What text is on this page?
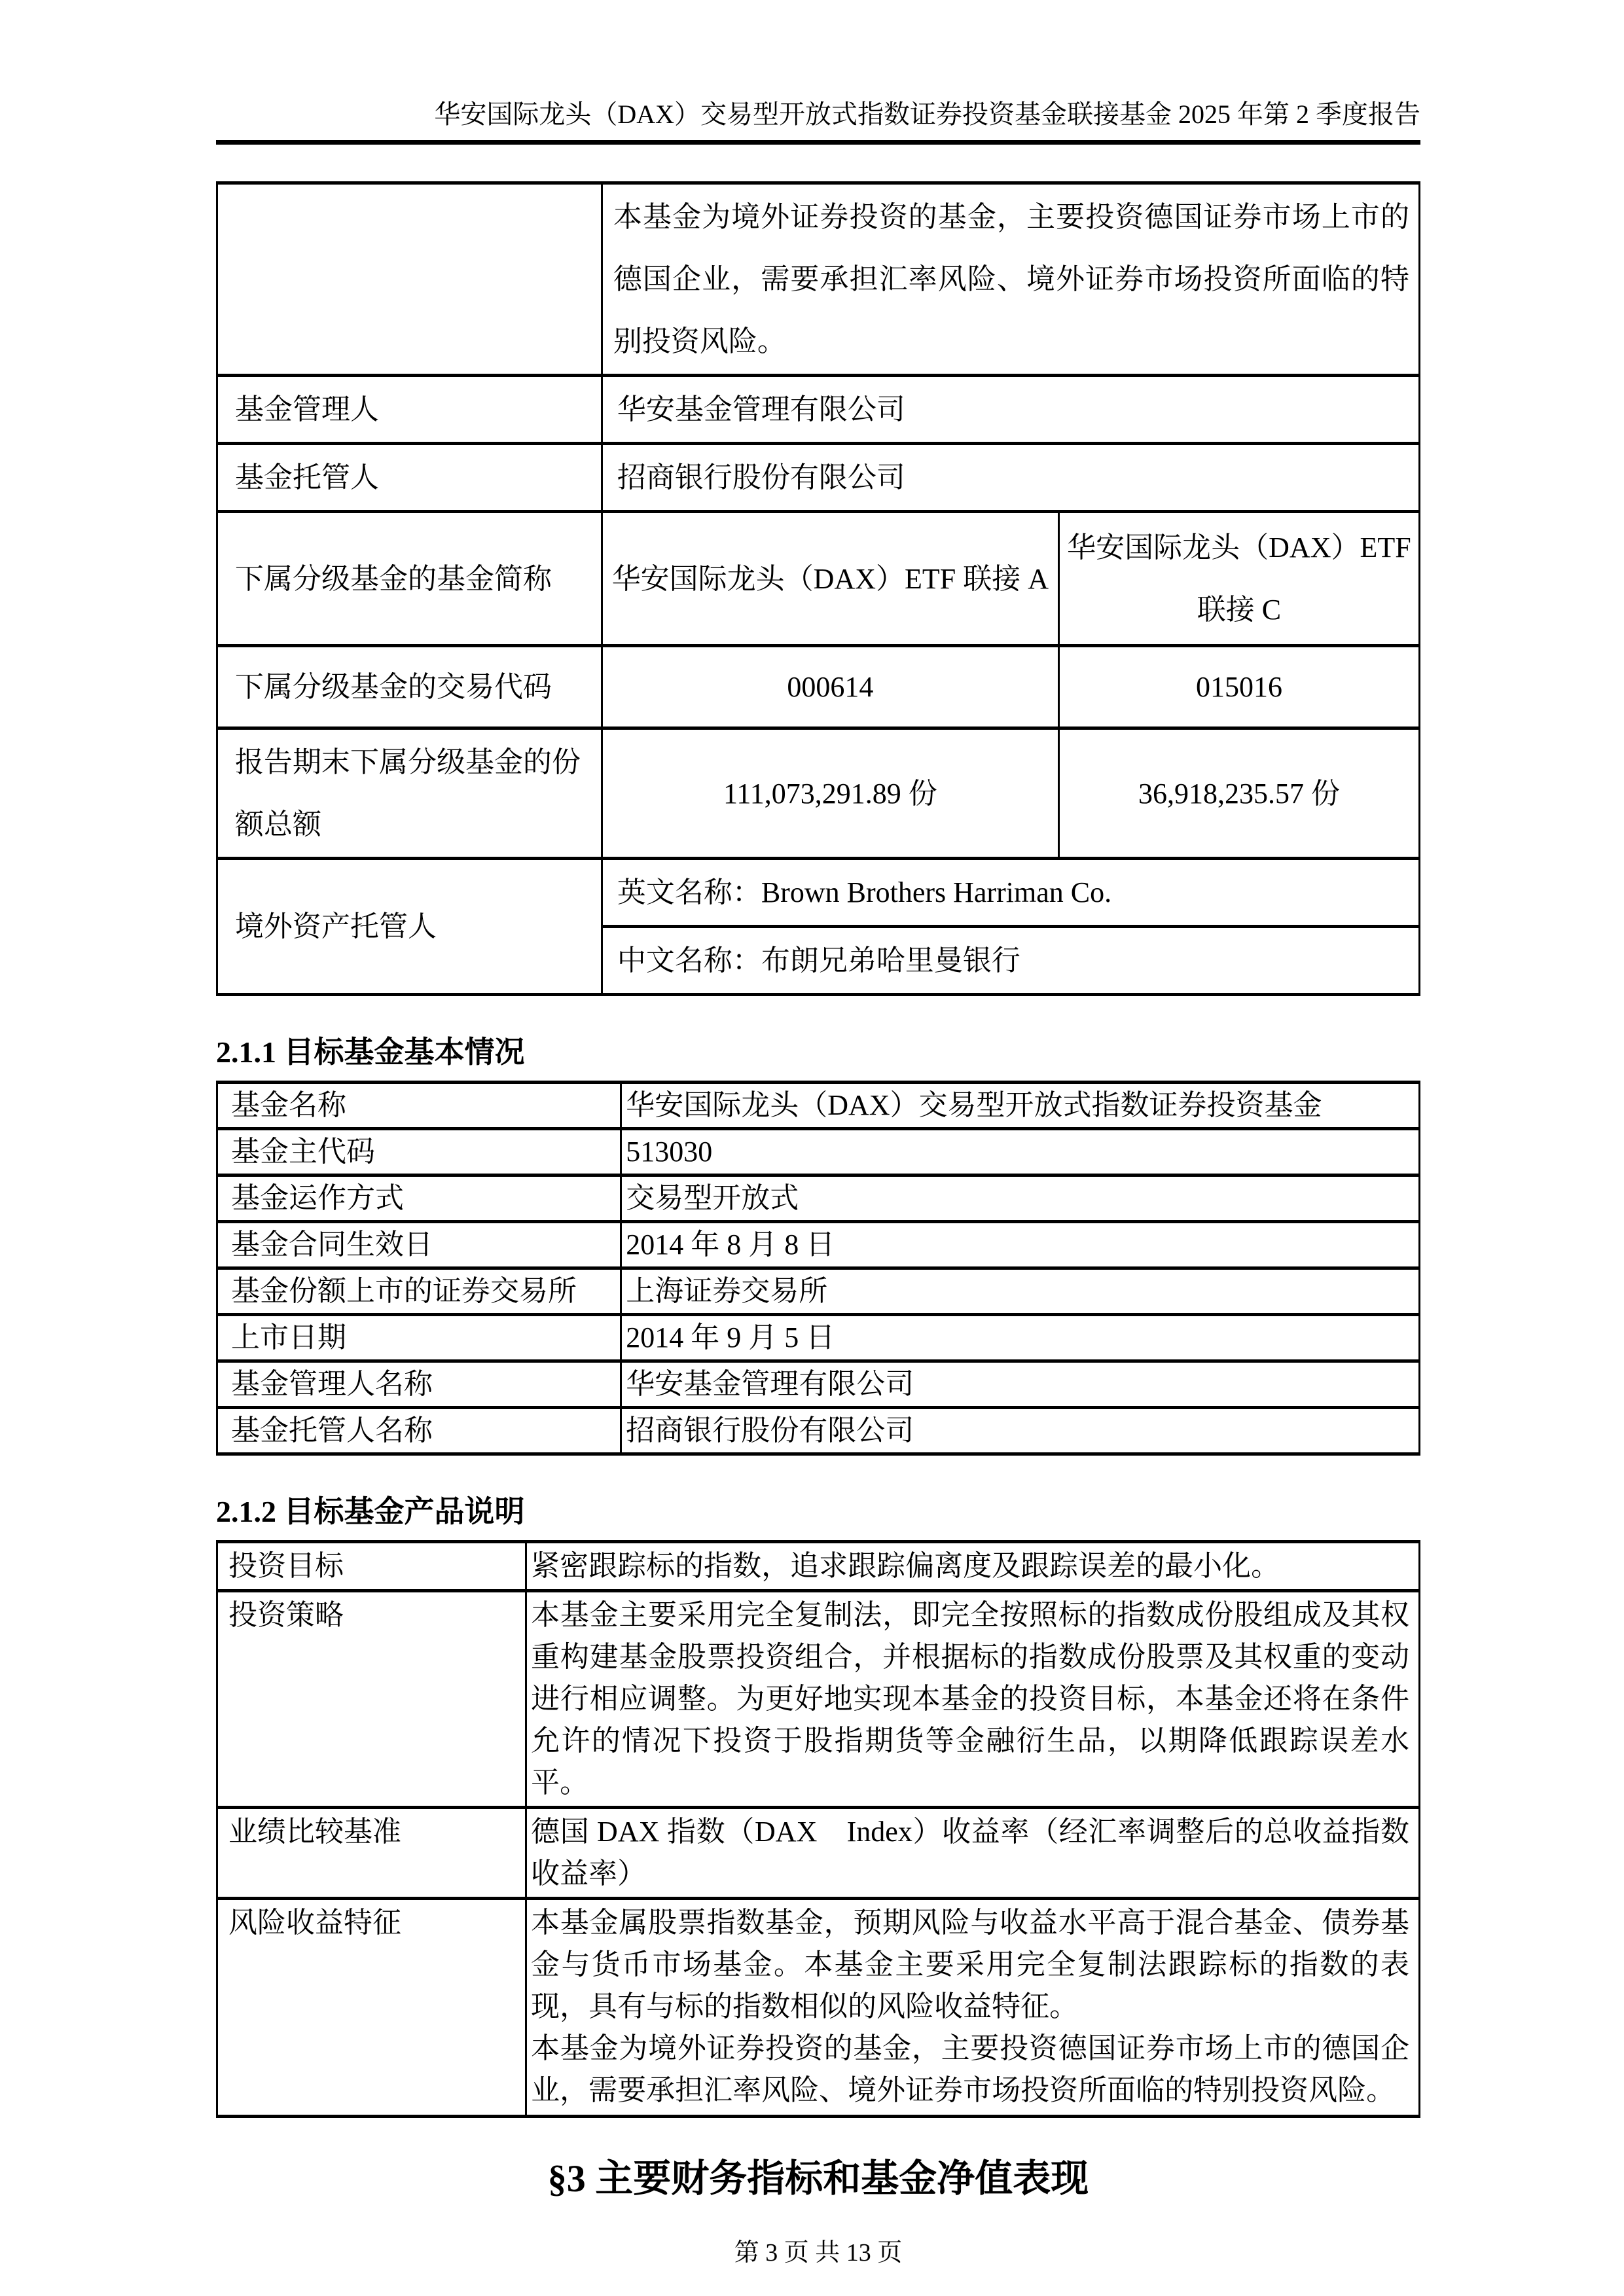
华安国际龙头（DAX）交易型开放式指数证券投资基金联接基金 2025 年第 2 季度报告
	本基金为境外证券投资的基金，主要投资德国证券市场上市的德国企业，需要承担汇率风险、境外证券市场投资所面临的特别投资风险。	
基金管理人	华安基金管理有限公司	
基金托管人	招商银行股份有限公司	
下属分级基金的基金简称	华安国际龙头（DAX）ETF 联接 A	华安国际龙头（DAX）ETF 联接 C
下属分级基金的交易代码	000614	015016
报告期末下属分级基金的份额总额	111,073,291.89 份	36,918,235.57 份
境外资产托管人	英文名称：Brown Brothers Harriman Co.	
	中文名称：布朗兄弟哈里曼银行	
2.1.1 目标基金基本情况
基金名称	华安国际龙头（DAX）交易型开放式指数证券投资基金
基金主代码	513030
基金运作方式	交易型开放式
基金合同生效日	2014 年 8 月 8 日
基金份额上市的证券交易所	上海证券交易所
上市日期	2014 年 9 月 5 日
基金管理人名称	华安基金管理有限公司
基金托管人名称	招商银行股份有限公司
2.1.2 目标基金产品说明
投资目标	紧密跟踪标的指数，追求跟踪偏离度及跟踪误差的最小化。
投资策略	本基金主要采用完全复制法，即完全按照标的指数成份股组成及其权重构建基金股票投资组合，并根据标的指数成份股票及其权重的变动进行相应调整。为更好地实现本基金的投资目标，本基金还将在条件允许的情况下投资于股指期货等金融衍生品，以期降低跟踪误差水平。
业绩比较基准	德国 DAX 指数（DAX　Index）收益率（经汇率调整后的总收益指数收益率）
风险收益特征	本基金属股票指数基金，预期风险与收益水平高于混合基金、债券基金与货币市场基金。本基金主要采用完全复制法跟踪标的指数的表现，具有与标的指数相似的风险收益特征。
本基金为境外证券投资的基金，主要投资德国证券市场上市的德国企业，需要承担汇率风险、境外证券市场投资所面临的特别投资风险。
§3 主要财务指标和基金净值表现
第 3 页 共 13 页
